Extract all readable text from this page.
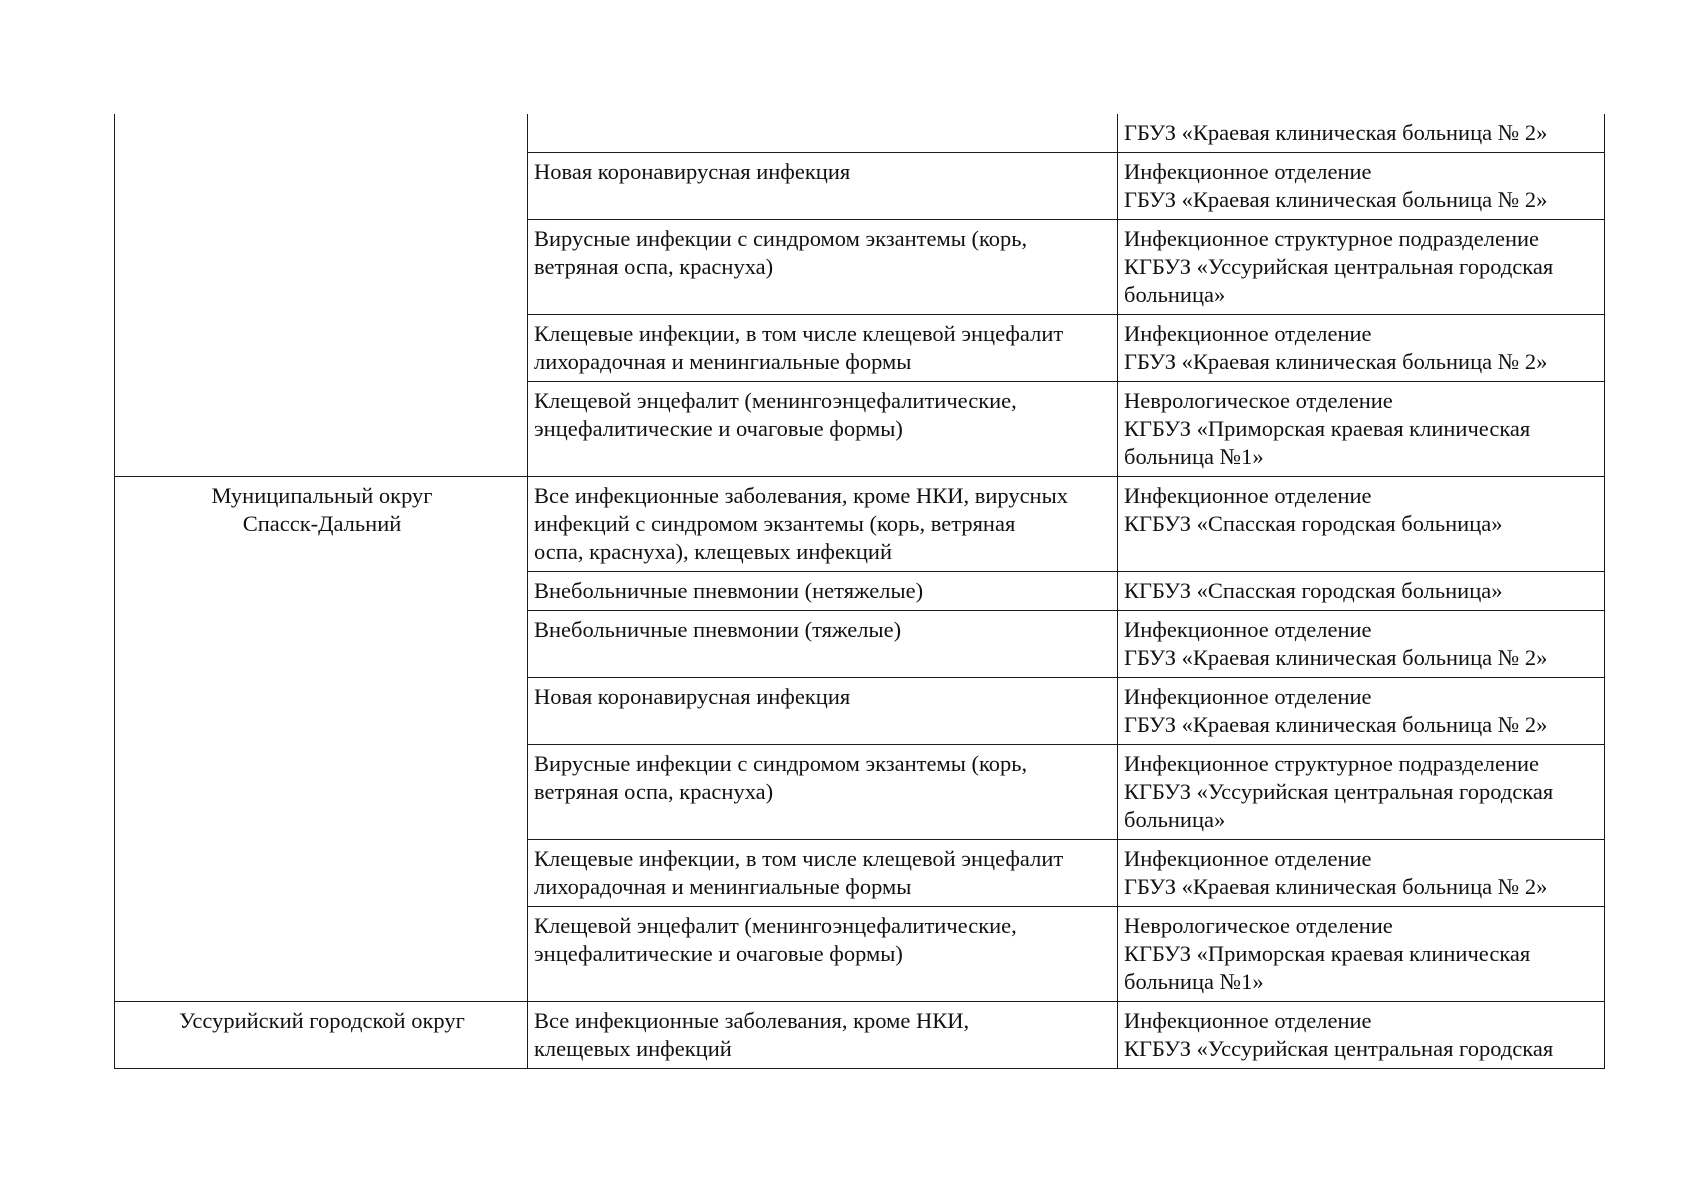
		ГБУЗ «Краевая клиническая больница № 2»

	Новая коронавирусная инфекция	Инфекционное отделение
ГБУЗ «Краевая клиническая больница № 2»

	Вирусные инфекции с синдромом экзантемы (корь,
ветряная оспа, краснуха)	Инфекционное структурное подразделение
КГБУЗ «Уссурийская центральная городская
больница»

	Клещевые инфекции, в том числе клещевой энцефалит
лихорадочная и менингиальные формы	Инфекционное отделение
ГБУЗ «Краевая клиническая больница № 2»

	Клещевой энцефалит (менингоэнцефалитические,
энцефалитические и очаговые формы)	Неврологическое отделение
КГБУЗ «Приморская краевая клиническая
больница №1»

Муниципальный округ
Спасск-Дальний	Все инфекционные заболевания, кроме НКИ, вирусных
инфекций с синдромом экзантемы (корь, ветряная
оспа, краснуха), клещевых инфекций	Инфекционное отделение
КГБУЗ «Спасская городская больница»

	Внебольничные пневмонии (нетяжелые)	КГБУЗ «Спасская городская больница»

	Внебольничные пневмонии (тяжелые)	Инфекционное отделение
ГБУЗ «Краевая клиническая больница № 2»

	Новая коронавирусная инфекция	Инфекционное отделение
ГБУЗ «Краевая клиническая больница № 2»

	Вирусные инфекции с синдромом экзантемы (корь,
ветряная оспа, краснуха)	Инфекционное структурное подразделение
КГБУЗ «Уссурийская центральная городская
больница»

	Клещевые инфекции, в том числе клещевой энцефалит
лихорадочная и менингиальные формы	Инфекционное отделение
ГБУЗ «Краевая клиническая больница № 2»

	Клещевой энцефалит (менингоэнцефалитические,
энцефалитические и очаговые формы)	Неврологическое отделение
КГБУЗ «Приморская краевая клиническая
больница №1»

Уссурийский городской округ	Все инфекционные заболевания, кроме НКИ,
клещевых инфекций	Инфекционное отделение
КГБУЗ «Уссурийская центральная городская
